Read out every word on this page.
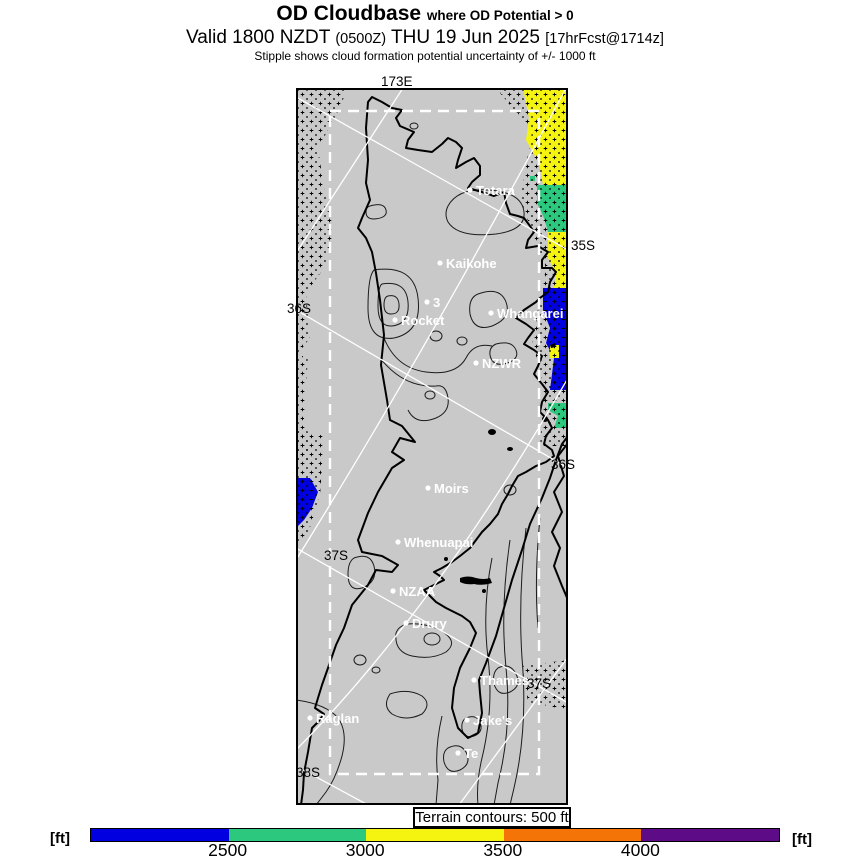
OD Cloudbase where OD Potential > 0
Valid 1800 NZDT (0500Z) THU 19 Jun 2025 [17hrFcst@1714z]
Stipple shows cloud formation potential uncertainty of +/- 1000 ft
Totara
Kaikohe
3
Rocket	Whangarei
NZWR
Moirs
Whenuapai
NZAA
Drury
Thames
Raglan	Jake's
Te
173E
35S
36S
36S
37S
37S
38S
Terrain contours: 500 ft
2500	3000	3500	4000
[ft]	[ft]
